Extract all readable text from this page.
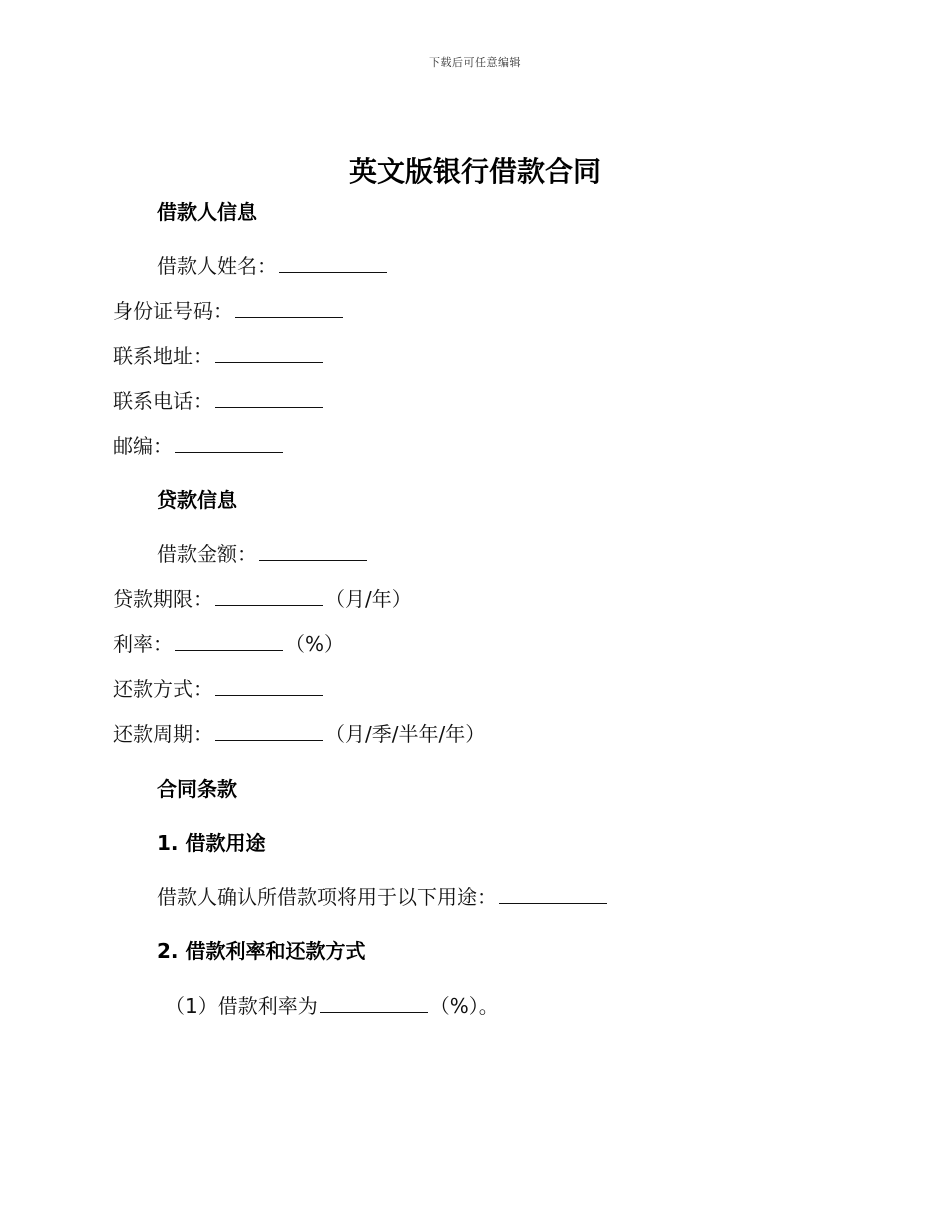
下载后可任意编辑
英文版银行借款合同
借款人信息
借款人姓名：
身份证号码：
联系地址：
联系电话：
邮编：
贷款信息
借款金额：
贷款期限：	（月/年）
利率：	（%）
还款方式：
还款周期：	（月/季/半年/年）
合同条款
1. 借款用途
借款人确认所借款项将用于以下用途：
2. 借款利率和还款方式
（1）借款利率为	（%）。
